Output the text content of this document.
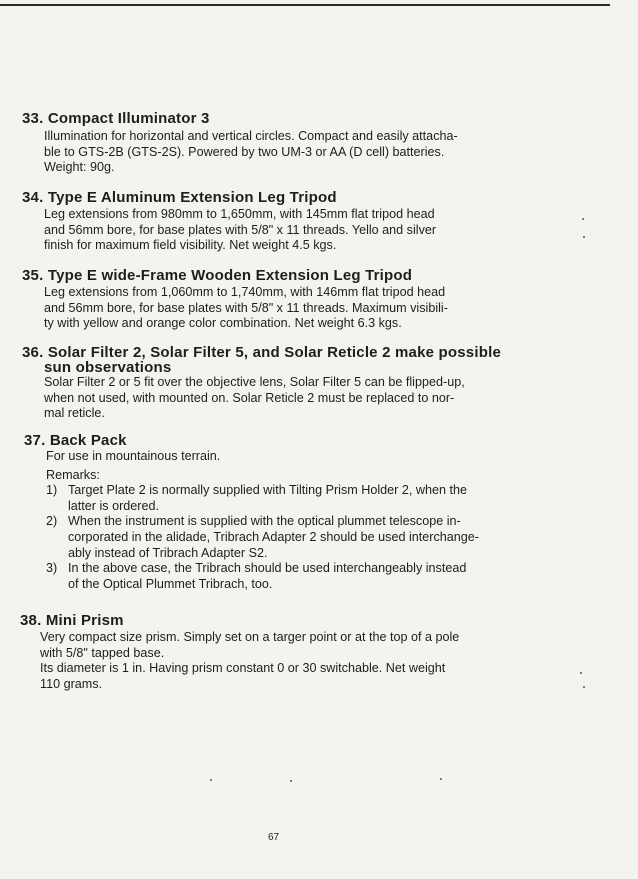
33. Compact Illuminator 3

Illumination for horizontal and vertical circles. Compact and easily attacha-

ble to GTS-2B (GTS-2S). Powered by two UM-3 or AA (D cell) batteries.

Weight: 90g.

34. Type E Aluminum Extension Leg Tripod

Leg extensions from 980mm to 1,650mm, with 145mm flat tripod head

and 56mm bore, for base plates with 5/8" x 11 threads. Yello and silver

finish for maximum field visibility. Net weight 4.5 kgs.

35. Type E wide-Frame Wooden Extension Leg Tripod

Leg extensions from 1,060mm to 1,740mm, with 146mm flat tripod head

and 56mm bore, for base plates with 5/8" x 11 threads. Maximum visibili-

ty with yellow and orange color combination. Net weight 6.3 kgs.

36. Solar Filter 2, Solar Filter 5, and Solar Reticle 2 make possible

sun observations

Solar Filter 2 or 5 fit over the objective lens, Solar Filter 5 can be flipped-up,

when not used, with mounted on. Solar Reticle 2 must be replaced to nor-

mal reticle.

37. Back Pack

For use in mountainous terrain.

Remarks:

1) Target Plate 2 is normally supplied with Tilting Prism Holder 2, when the

latter is ordered.

2) When the instrument is supplied with the optical plummet telescope in-

corporated in the alidade, Tribrach Adapter 2 should be used interchange-

ably instead of Tribrach Adapter S2.

3) In the above case, the Tribrach should be used interchangeably instead

of the Optical Plummet Tribrach, too.

38. Mini Prism

Very compact size prism. Simply set on a targer point or at the top of a pole

with 5/8" tapped base.

Its diameter is 1 in. Having prism constant 0 or 30 switchable. Net weight

110 grams.

67
